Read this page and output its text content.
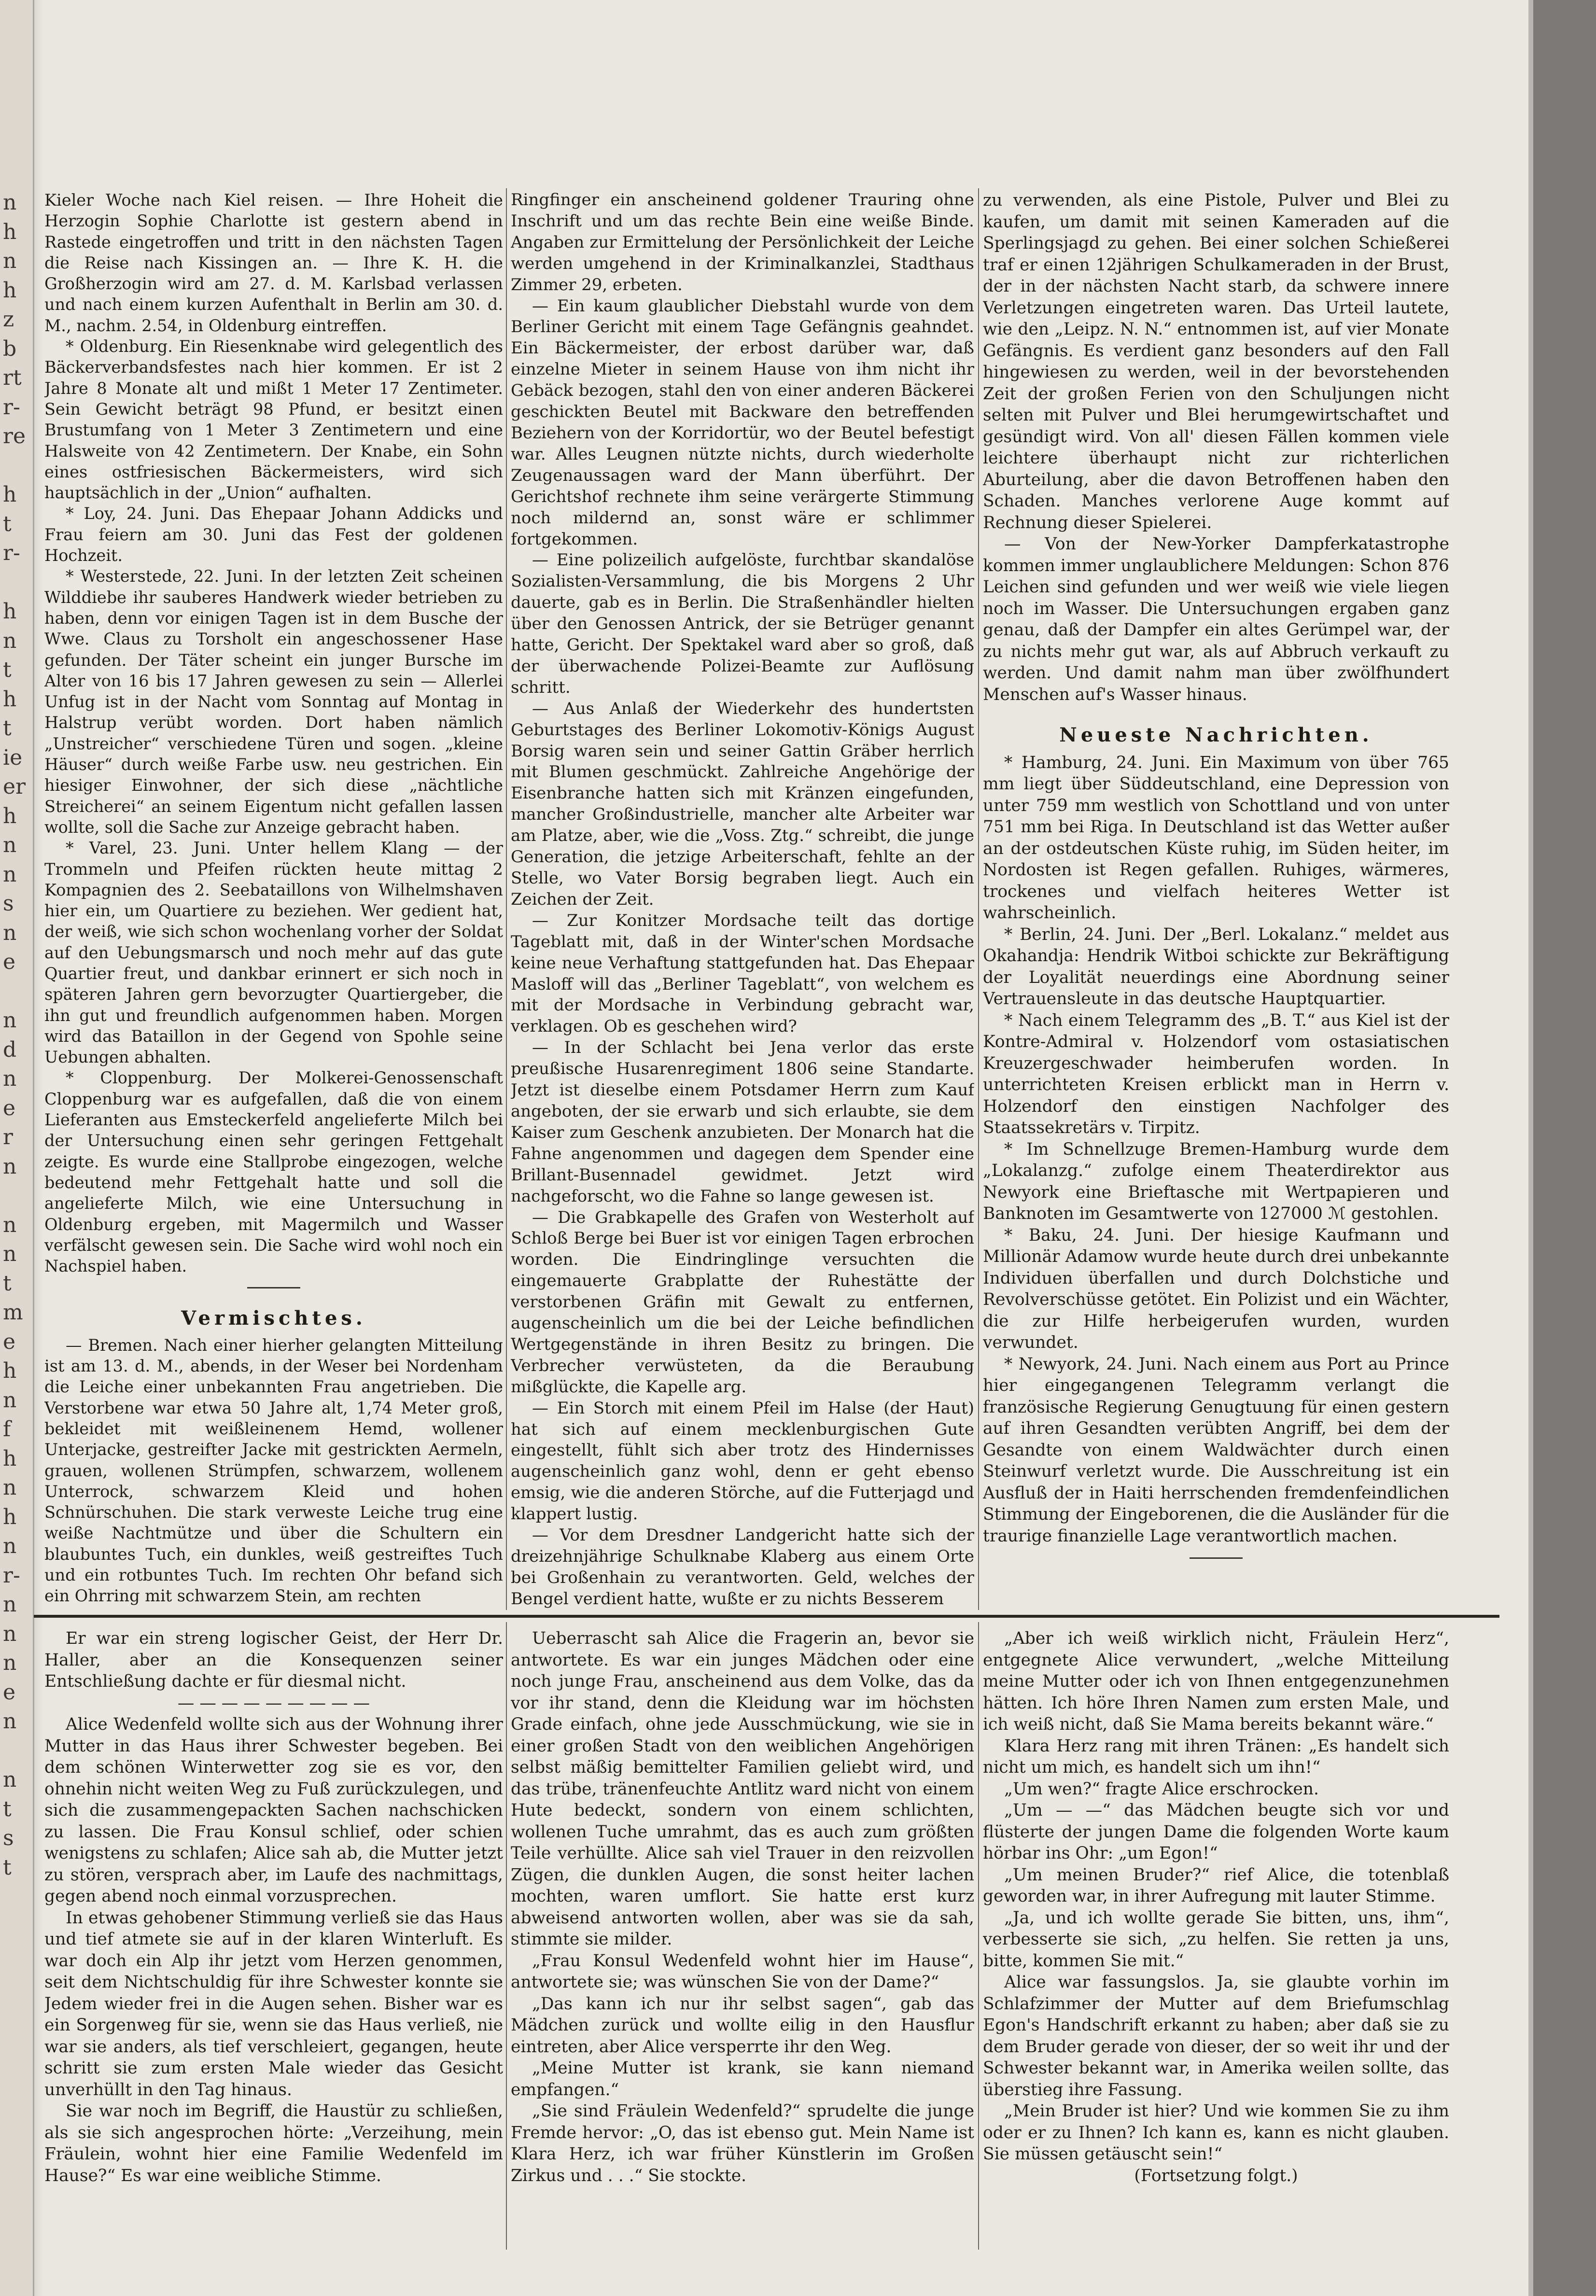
n
h
n
h
z
b
rt
r-
re

h
t
r-

h
n
t
h
t
ie
er
h
n
n
s
n
e

n
d
n
e
r
n

n
n
t
m
e
h
n
f
h
n
h
n
r-
n
n
n
e
n

n
t
s
t

Kieler Woche nach Kiel reisen. — Ihre Hoheit die Herzogin Sophie Charlotte ist gestern abend in Rastede eingetroffen und tritt in den nächsten Tagen die Reise nach Kissingen an. — Ihre K. H. die Großherzogin wird am 27. d. M. Karlsbad verlassen und nach einem kurzen Aufenthalt in Berlin am 30. d. M., nachm. 2.54, in Oldenburg eintreffen.

* Oldenburg. Ein Riesenknabe wird gelegentlich des Bäckerverbandsfestes nach hier kommen. Er ist 2 Jahre 8 Monate alt und mißt 1 Meter 17 Zentimeter. Sein Gewicht beträgt 98 Pfund, er besitzt einen Brustumfang von 1 Meter 3 Zentimetern und eine Halsweite von 42 Zentimetern. Der Knabe, ein Sohn eines ostfriesischen Bäckermeisters, wird sich hauptsächlich in der „Union“ aufhalten.

* Loy, 24. Juni. Das Ehepaar Johann Addicks und Frau feiern am 30. Juni das Fest der goldenen Hochzeit.

* Westerstede, 22. Juni. In der letzten Zeit scheinen Wilddiebe ihr sauberes Handwerk wieder betrieben zu haben, denn vor einigen Tagen ist in dem Busche der Wwe. Claus zu Torsholt ein angeschossener Hase gefunden. Der Täter scheint ein junger Bursche im Alter von 16 bis 17 Jahren gewesen zu sein — Allerlei Unfug ist in der Nacht vom Sonntag auf Montag in Halstrup verübt worden. Dort haben nämlich „Unstreicher“ verschiedene Türen und sogen. „kleine Häuser“ durch weiße Farbe usw. neu gestrichen. Ein hiesiger Einwohner, der sich diese „nächtliche Streicherei“ an seinem Eigentum nicht gefallen lassen wollte, soll die Sache zur Anzeige gebracht haben.

* Varel, 23. Juni. Unter hellem Klang — der Trommeln und Pfeifen rückten heute mittag 2 Kompagnien des 2. Seebataillons von Wilhelmshaven hier ein, um Quartiere zu beziehen. Wer gedient hat, der weiß, wie sich schon wochenlang vorher der Soldat auf den Uebungsmarsch und noch mehr auf das gute Quartier freut, und dankbar erinnert er sich noch in späteren Jahren gern bevorzugter Quartiergeber, die ihn gut und freundlich aufgenommen haben. Morgen wird das Bataillon in der Gegend von Spohle seine Uebungen abhalten.

* Cloppenburg. Der Molkerei-Genossenschaft Cloppenburg war es aufgefallen, daß die von einem Lieferanten aus Emsteckerfeld angelieferte Milch bei der Untersuchung einen sehr geringen Fettgehalt zeigte. Es wurde eine Stallprobe eingezogen, welche bedeutend mehr Fettgehalt hatte und soll die angelieferte Milch, wie eine Untersuchung in Oldenburg ergeben, mit Magermilch und Wasser verfälscht gewesen sein. Die Sache wird wohl noch ein Nachspiel haben.

Vermischtes.

— Bremen. Nach einer hierher gelangten Mitteilung ist am 13. d. M., abends, in der Weser bei Nordenham die Leiche einer unbekannten Frau angetrieben. Die Verstorbene war etwa 50 Jahre alt, 1,74 Meter groß, bekleidet mit weißleinenem Hemd, wollener Unterjacke, gestreifter Jacke mit gestrickten Aermeln, grauen, wollenen Strümpfen, schwarzem, wollenem Unterrock, schwarzem Kleid und hohen Schnürschuhen. Die stark verweste Leiche trug eine weiße Nachtmütze und über die Schultern ein blaubuntes Tuch, ein dunkles, weiß gestreiftes Tuch und ein rotbuntes Tuch. Im rechten Ohr befand sich ein Ohrring mit schwarzem Stein, am rechten

Ringfinger ein anscheinend goldener Trauring ohne Inschrift und um das rechte Bein eine weiße Binde. Angaben zur Ermittelung der Persönlichkeit der Leiche werden umgehend in der Kriminalkanzlei, Stadthaus Zimmer 29, erbeten.

— Ein kaum glaublicher Diebstahl wurde von dem Berliner Gericht mit einem Tage Gefängnis geahndet. Ein Bäckermeister, der erbost darüber war, daß einzelne Mieter in seinem Hause von ihm nicht ihr Gebäck bezogen, stahl den von einer anderen Bäckerei geschickten Beutel mit Backware den betreffenden Beziehern von der Korridortür, wo der Beutel befestigt war. Alles Leugnen nützte nichts, durch wiederholte Zeugenaussagen ward der Mann überführt. Der Gerichtshof rechnete ihm seine verärgerte Stimmung noch mildernd an, sonst wäre er schlimmer fortgekommen.

— Eine polizeilich aufgelöste, furchtbar skandalöse Sozialisten-Versammlung, die bis Morgens 2 Uhr dauerte, gab es in Berlin. Die Straßenhändler hielten über den Genossen Antrick, der sie Betrüger genannt hatte, Gericht. Der Spektakel ward aber so groß, daß der überwachende Polizei-Beamte zur Auflösung schritt.

— Aus Anlaß der Wiederkehr des hundertsten Geburtstages des Berliner Lokomotiv-Königs August Borsig waren sein und seiner Gattin Gräber herrlich mit Blumen geschmückt. Zahlreiche Angehörige der Eisenbranche hatten sich mit Kränzen eingefunden, mancher Großindustrielle, mancher alte Arbeiter war am Platze, aber, wie die „Voss. Ztg.“ schreibt, die junge Generation, die jetzige Arbeiterschaft, fehlte an der Stelle, wo Vater Borsig begraben liegt. Auch ein Zeichen der Zeit.

— Zur Konitzer Mordsache teilt das dortige Tageblatt mit, daß in der Winter'schen Mordsache keine neue Verhaftung stattgefunden hat. Das Ehepaar Masloff will das „Berliner Tageblatt“, von welchem es mit der Mordsache in Verbindung gebracht war, verklagen. Ob es geschehen wird?

— In der Schlacht bei Jena verlor das erste preußische Husarenregiment 1806 seine Standarte. Jetzt ist dieselbe einem Potsdamer Herrn zum Kauf angeboten, der sie erwarb und sich erlaubte, sie dem Kaiser zum Geschenk anzubieten. Der Monarch hat die Fahne angenommen und dagegen dem Spender eine Brillant-Busennadel gewidmet. Jetzt wird nachgeforscht, wo die Fahne so lange gewesen ist.

— Die Grabkapelle des Grafen von Westerholt auf Schloß Berge bei Buer ist vor einigen Tagen erbrochen worden. Die Eindringlinge versuchten die eingemauerte Grabplatte der Ruhestätte der verstorbenen Gräfin mit Gewalt zu entfernen, augenscheinlich um die bei der Leiche befindlichen Wertgegenstände in ihren Besitz zu bringen. Die Verbrecher verwüsteten, da die Beraubung mißglückte, die Kapelle arg.

— Ein Storch mit einem Pfeil im Halse (der Haut) hat sich auf einem mecklenburgischen Gute eingestellt, fühlt sich aber trotz des Hindernisses augenscheinlich ganz wohl, denn er geht ebenso emsig, wie die anderen Störche, auf die Futterjagd und klappert lustig.

— Vor dem Dresdner Landgericht hatte sich der dreizehnjährige Schulknabe Klaberg aus einem Orte bei Großenhain zu verantworten. Geld, welches der Bengel verdient hatte, wußte er zu nichts Besserem

zu verwenden, als eine Pistole, Pulver und Blei zu kaufen, um damit mit seinen Kameraden auf die Sperlingsjagd zu gehen. Bei einer solchen Schießerei traf er einen 12jährigen Schulkameraden in der Brust, der in der nächsten Nacht starb, da schwere innere Verletzungen eingetreten waren. Das Urteil lautete, wie den „Leipz. N. N.“ entnommen ist, auf vier Monate Gefängnis. Es verdient ganz besonders auf den Fall hingewiesen zu werden, weil in der bevorstehenden Zeit der großen Ferien von den Schuljungen nicht selten mit Pulver und Blei herumgewirtschaftet und gesündigt wird. Von all' diesen Fällen kommen viele leichtere überhaupt nicht zur richterlichen Aburteilung, aber die davon Betroffenen haben den Schaden. Manches verlorene Auge kommt auf Rechnung dieser Spielerei.

— Von der New-Yorker Dampferkatastrophe kommen immer unglaublichere Meldungen: Schon 876 Leichen sind gefunden und wer weiß wie viele liegen noch im Wasser. Die Untersuchungen ergaben ganz genau, daß der Dampfer ein altes Gerümpel war, der zu nichts mehr gut war, als auf Abbruch verkauft zu werden. Und damit nahm man über zwölfhundert Menschen auf's Wasser hinaus.

Neueste Nachrichten.

* Hamburg, 24. Juni. Ein Maximum von über 765 mm liegt über Süddeutschland, eine Depression von unter 759 mm westlich von Schottland und von unter 751 mm bei Riga. In Deutschland ist das Wetter außer an der ostdeutschen Küste ruhig, im Süden heiter, im Nordosten ist Regen gefallen. Ruhiges, wärmeres, trockenes und vielfach heiteres Wetter ist wahrscheinlich.

* Berlin, 24. Juni. Der „Berl. Lokalanz.“ meldet aus Okahandja: Hendrik Witboi schickte zur Bekräftigung der Loyalität neuerdings eine Abordnung seiner Vertrauensleute in das deutsche Hauptquartier.

* Nach einem Telegramm des „B. T.“ aus Kiel ist der Kontre-Admiral v. Holzendorf vom ostasiatischen Kreuzergeschwader heimberufen worden. In unterrichteten Kreisen erblickt man in Herrn v. Holzendorf den einstigen Nachfolger des Staatssekretärs v. Tirpitz.

* Im Schnellzuge Bremen-Hamburg wurde dem „Lokalanzg.“ zufolge einem Theaterdirektor aus Newyork eine Brieftasche mit Wertpapieren und Banknoten im Gesamtwerte von 127000 ℳ gestohlen.

* Baku, 24. Juni. Der hiesige Kaufmann und Millionär Adamow wurde heute durch drei unbekannte Individuen überfallen und durch Dolchstiche und Revolverschüsse getötet. Ein Polizist und ein Wächter, die zur Hilfe herbeigerufen wurden, wurden verwundet.

* Newyork, 24. Juni. Nach einem aus Port au Prince hier eingegangenen Telegramm verlangt die französische Regierung Genugtuung für einen gestern auf ihren Gesandten verübten Angriff, bei dem der Gesandte von einem Waldwächter durch einen Steinwurf verletzt wurde. Die Ausschreitung ist ein Ausfluß der in Haiti herrschenden fremdenfeindlichen Stimmung der Eingeborenen, die die Ausländer für die traurige finanzielle Lage verantwortlich machen.

Er war ein streng logischer Geist, der Herr Dr. Haller, aber an die Konsequenzen seiner Entschließung dachte er für diesmal nicht.

— — — — — — — — —

Alice Wedenfeld wollte sich aus der Wohnung ihrer Mutter in das Haus ihrer Schwester begeben. Bei dem schönen Winterwetter zog sie es vor, den ohnehin nicht weiten Weg zu Fuß zurückzulegen, und sich die zusammengepackten Sachen nachschicken zu lassen. Die Frau Konsul schlief, oder schien wenigstens zu schlafen; Alice sah ab, die Mutter jetzt zu stören, versprach aber, im Laufe des nachmittags, gegen abend noch einmal vorzusprechen.

In etwas gehobener Stimmung verließ sie das Haus und tief atmete sie auf in der klaren Winterluft. Es war doch ein Alp ihr jetzt vom Herzen genommen, seit dem Nichtschuldig für ihre Schwester konnte sie Jedem wieder frei in die Augen sehen. Bisher war es ein Sorgenweg für sie, wenn sie das Haus verließ, nie war sie anders, als tief verschleiert, gegangen, heute schritt sie zum ersten Male wieder das Gesicht unverhüllt in den Tag hinaus.

Sie war noch im Begriff, die Haustür zu schließen, als sie sich angesprochen hörte: „Verzeihung, mein Fräulein, wohnt hier eine Familie Wedenfeld im Hause?“ Es war eine weibliche Stimme.

Ueberrascht sah Alice die Fragerin an, bevor sie antwortete. Es war ein junges Mädchen oder eine noch junge Frau, anscheinend aus dem Volke, das da vor ihr stand, denn die Kleidung war im höchsten Grade einfach, ohne jede Ausschmückung, wie sie in einer großen Stadt von den weiblichen Angehörigen selbst mäßig bemittelter Familien geliebt wird, und das trübe, tränenfeuchte Antlitz ward nicht von einem Hute bedeckt, sondern von einem schlichten, wollenen Tuche umrahmt, das es auch zum größten Teile verhüllte. Alice sah viel Trauer in den reizvollen Zügen, die dunklen Augen, die sonst heiter lachen mochten, waren umflort. Sie hatte erst kurz abweisend antworten wollen, aber was sie da sah, stimmte sie milder.

„Frau Konsul Wedenfeld wohnt hier im Hause“, antwortete sie; was wünschen Sie von der Dame?“

„Das kann ich nur ihr selbst sagen“, gab das Mädchen zurück und wollte eilig in den Hausflur eintreten, aber Alice versperrte ihr den Weg.

„Meine Mutter ist krank, sie kann niemand empfangen.“

„Sie sind Fräulein Wedenfeld?“ sprudelte die junge Fremde hervor: „O, das ist ebenso gut. Mein Name ist Klara Herz, ich war früher Künstlerin im Großen Zirkus und . . .“ Sie stockte.

„Aber ich weiß wirklich nicht, Fräulein Herz“, entgegnete Alice verwundert, „welche Mitteilung meine Mutter oder ich von Ihnen entgegenzunehmen hätten. Ich höre Ihren Namen zum ersten Male, und ich weiß nicht, daß Sie Mama bereits bekannt wäre.“

Klara Herz rang mit ihren Tränen: „Es handelt sich nicht um mich, es handelt sich um ihn!“

„Um wen?“ fragte Alice erschrocken.

„Um — —“ das Mädchen beugte sich vor und flüsterte der jungen Dame die folgenden Worte kaum hörbar ins Ohr: „um Egon!“

„Um meinen Bruder?“ rief Alice, die totenblaß geworden war, in ihrer Aufregung mit lauter Stimme.

„Ja, und ich wollte gerade Sie bitten, uns, ihm“, verbesserte sie sich, „zu helfen. Sie retten ja uns, bitte, kommen Sie mit.“

Alice war fassungslos. Ja, sie glaubte vorhin im Schlafzimmer der Mutter auf dem Briefumschlag Egon's Handschrift erkannt zu haben; aber daß sie zu dem Bruder gerade von dieser, der so weit ihr und der Schwester bekannt war, in Amerika weilen sollte, das überstieg ihre Fassung.

„Mein Bruder ist hier? Und wie kommen Sie zu ihm oder er zu Ihnen? Ich kann es, kann es nicht glauben. Sie müssen getäuscht sein!“

(Fortsetzung folgt.)
